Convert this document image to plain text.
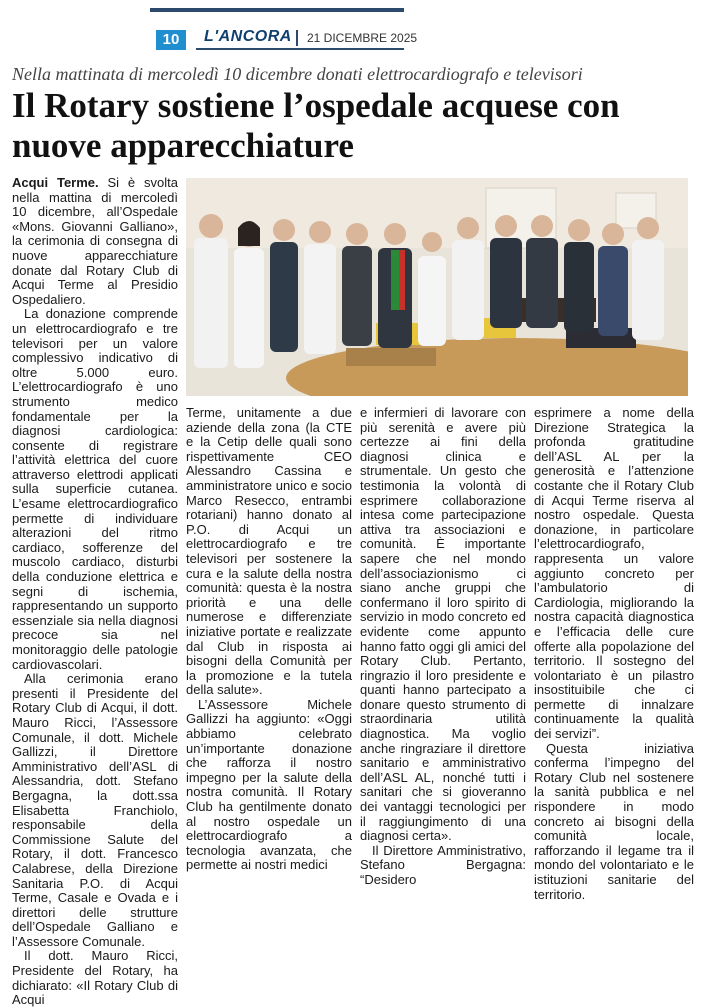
10	L'ANCORA 21 DICEMBRE 2025
Nella mattinata di mercoledì 10 dicembre donati elettrocardiografo e televisori
Il Rotary sostiene l’ospedale acquese con nuove apparecchiature

Acqui Terme. Si è svolta nella mattina di mercoledì 10 dicembre, all’Ospedale «Mons. Giovanni Galliano», la cerimonia di consegna di nuove apparecchiature donate dal Rotary Club di Acqui Terme al Presidio Ospedaliero.

La donazione comprende un elettrocardiografo e tre televisori per un valore complessivo indicativo di oltre 5.000 euro. L’elettrocardiografo è uno strumento medico fondamentale per la diagnosi cardiologica: consente di registrare l’attività elettrica del cuore attraverso elettrodi applicati sulla superficie cutanea. L’esame elettrocardiografico permette di individuare alterazioni del ritmo cardiaco, sofferenze del muscolo cardiaco, disturbi della conduzione elettrica e segni di ischemia, rappresentando un supporto essenziale sia nella diagnosi precoce sia nel monitoraggio delle patologie cardiovascolari.

Alla cerimonia erano presenti il Presidente del Rotary Club di Acqui, il dott. Mauro Ricci, l’Assessore Comunale, il dott. Michele Gallizzi, il Direttore Amministrativo dell’ASL di Alessandria, dott. Stefano Bergagna, la dott.ssa Elisabetta Franchiolo, responsabile della Commissione Salute del Rotary, il dott. Francesco Calabrese, della Direzione Sanitaria P.O. di Acqui Terme, Casale e Ovada e i direttori delle strutture dell’Ospedale Galliano e l’Assessore Comunale.

Il dott. Mauro Ricci, Presidente del Rotary, ha dichiarato: «Il Rotary Club di Acqui

Terme, unitamente a due aziende della zona (la CTE e la Cetip delle quali sono rispettivamente CEO Alessandro Cassina e amministratore unico e socio Marco Resecco, entrambi rotariani) hanno donato al P.O. di Acqui un elettrocardiografo e tre televisori per sostenere la cura e la salute della nostra comunità: questa è la nostra priorità e una delle numerose e differenziate iniziative portate e realizzate dal Club in risposta ai bisogni della Comunità per la promozione e la tutela della salute».

L’Assessore Michele Gallizzi ha aggiunto: «Oggi abbiamo celebrato un’importante donazione che rafforza il nostro impegno per la salute della nostra comunità. Il Rotary Club ha gentilmente donato al nostro ospedale un elettrocardiografo a tecnologia avanzata, che permette ai nostri medici

e infermieri di lavorare con più serenità e avere più certezze ai fini della diagnosi clinica e strumentale. Un gesto che testimonia la volontà di esprimere collaborazione intesa come partecipazione attiva tra associazioni e comunità. È importante sapere che nel mondo dell’associazionismo ci siano anche gruppi che confermano il loro spirito di servizio in modo concreto ed evidente come appunto hanno fatto oggi gli amici del Rotary Club. Pertanto, ringrazio il loro presidente e quanti hanno partecipato a donare questo strumento di straordinaria utilità diagnostica. Ma voglio anche ringraziare il direttore sanitario e amministrativo dell’ASL AL, nonché tutti i sanitari che si gioveranno dei vantaggi tecnologici per il raggiungimento di una diagnosi certa».

Il Direttore Amministrativo, Stefano Bergagna: “Desidero

esprimere a nome della Direzione Strategica la profonda gratitudine dell’ASL AL per la generosità e l’attenzione costante che il Rotary Club di Acqui Terme riserva al nostro ospedale. Questa donazione, in particolare l’elettrocardiografo, rappresenta un valore aggiunto concreto per l’ambulatorio di Cardiologia, migliorando la nostra capacità diagnostica e l’efficacia delle cure offerte alla popolazione del territorio. Il sostegno del volontariato è un pilastro insostituibile che ci permette di innalzare continuamente la qualità dei servizi”.

Questa iniziativa conferma l’impegno del Rotary Club nel sostenere la sanità pubblica e nel rispondere in modo concreto ai bisogni della comunità locale, rafforzando il legame tra il mondo del volontariato e le istituzioni sanitarie del territorio.
